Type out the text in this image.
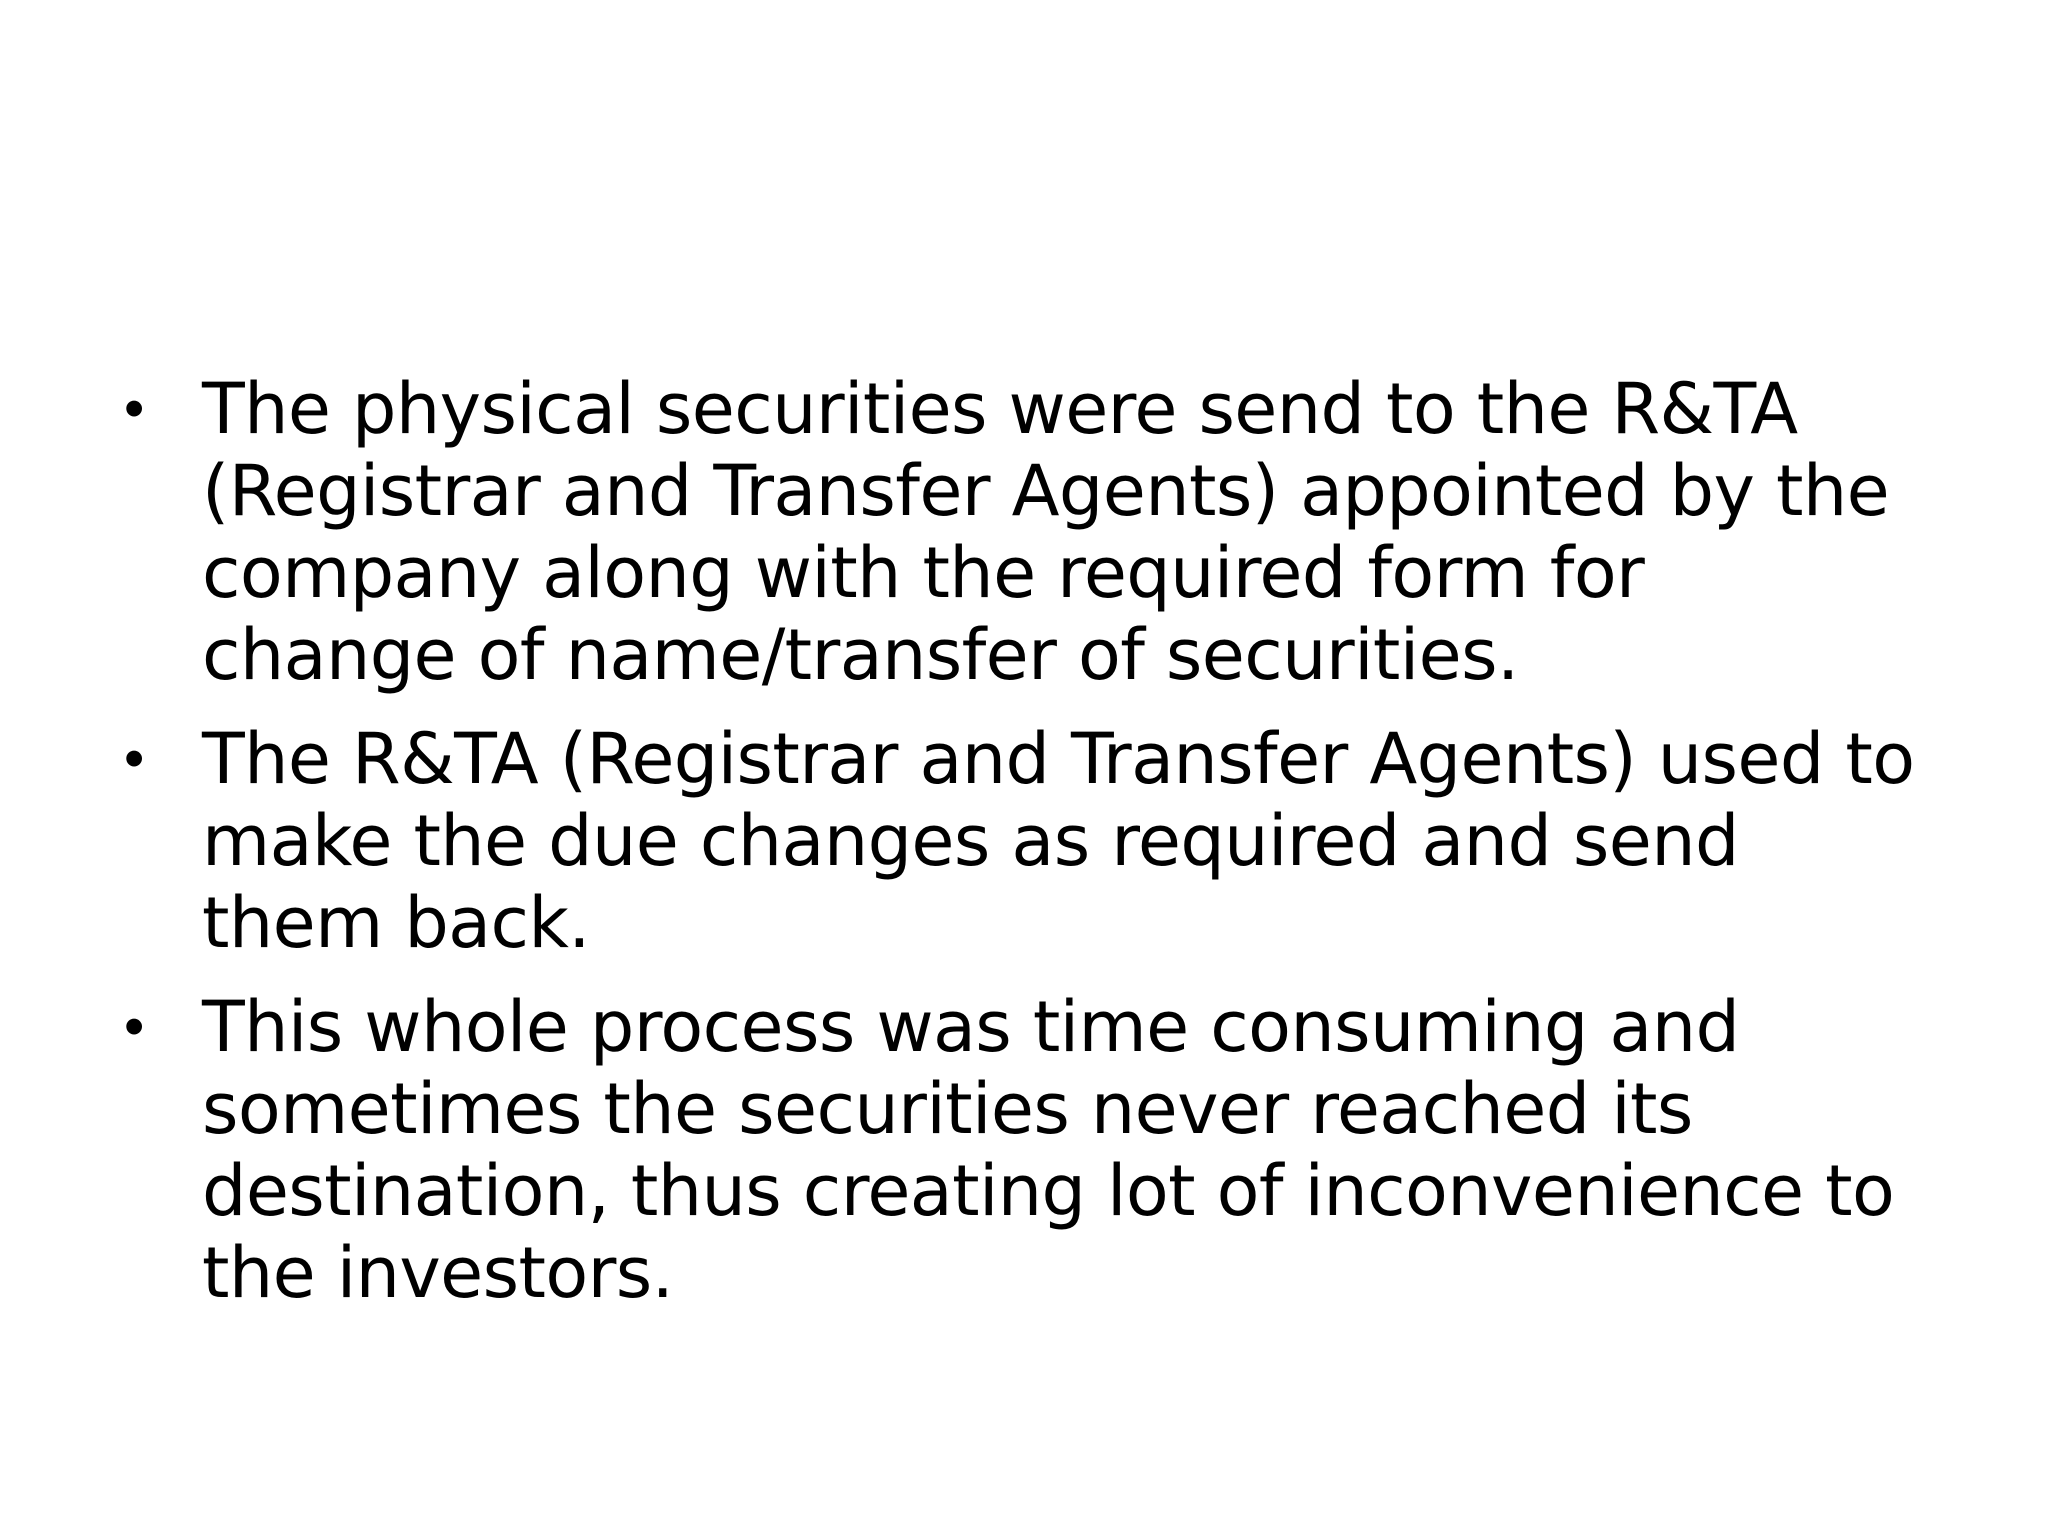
• The physical securities were send to the R&TA
(Registrar and Transfer Agents) appointed by the
company along with the required form for
change of name/transfer of securities.
• The R&TA (Registrar and Transfer Agents) used to
make the due changes as required and send
them back.
• This whole process was time consuming and
sometimes the securities never reached its
destination, thus creating lot of inconvenience to
the investors.
